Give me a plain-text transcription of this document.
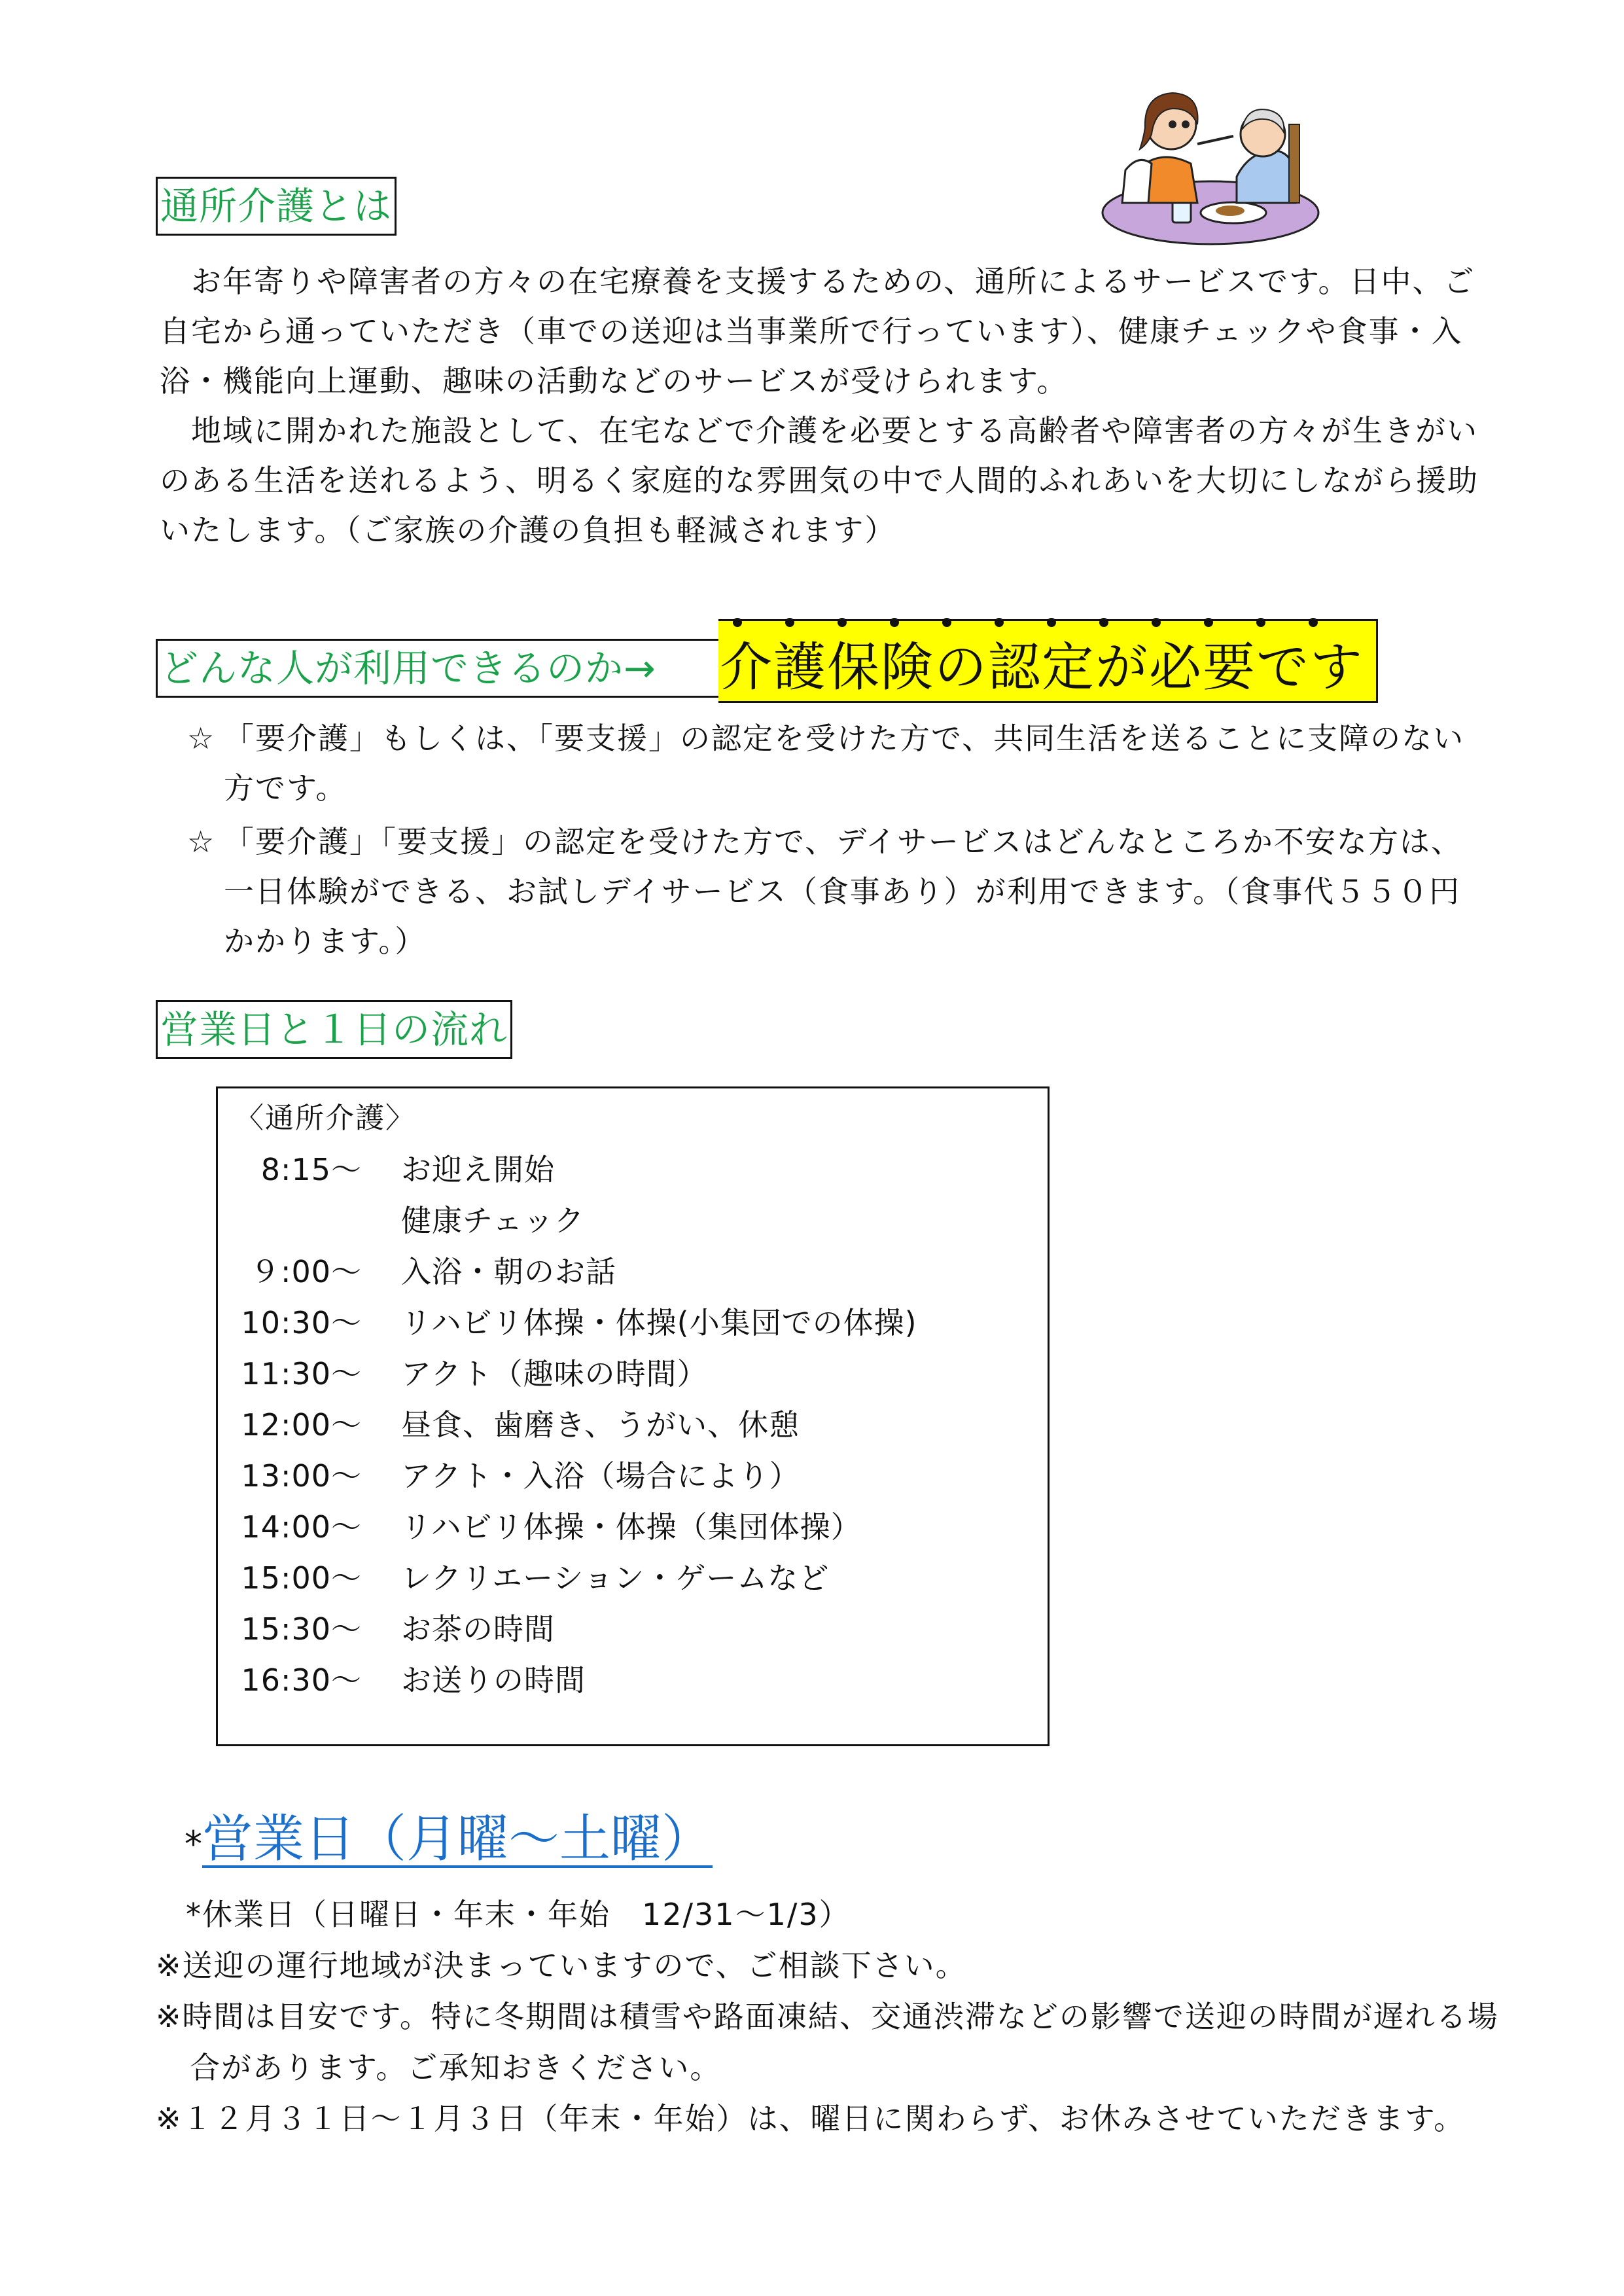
通所介護とは

お年寄りや障害者の方々の在宅療養を支援するための、通所によるサービスです。日中、ご自宅から通っていただき（車での送迎は当事業所で行っています）、健康チェックや食事・入浴・機能向上運動、趣味の活動などのサービスが受けられます。

地域に開かれた施設として、在宅などで介護を必要とする高齢者や障害者の方々が生きがいのある生活を送れるよう、明るく家庭的な雰囲気の中で人間的ふれあいを大切にしながら援助いたします。（ご家族の介護の負担も軽減されます）

どんな人が利用できるのか→	介護保険の認定が必要です
☆ 「要介護」もしくは、「要支援」の認定を受けた方で、共同生活を送ることに支障のない方です。
☆ 「要介護」「要支援」の認定を受けた方で、デイサービスはどんなところか不安な方は、一日体験ができる、お試しデイサービス（食事あり）が利用できます。（食事代５５０円かかります。）
営業日と１日の流れ
〈通所介護〉
8:15～ お迎え開始
健康チェック
９:00～ 入浴・朝のお話
10:30～ リハビリ体操・体操(小集団での体操)
11:30～ アクト（趣味の時間）
12:00～ 昼食、歯磨き、うがい、休憩
13:00～ アクト・入浴（場合により）
14:00～ リハビリ体操・体操（集団体操）
15:00～ レクリエーション・ゲームなど
15:30～ お茶の時間
16:30～ お送りの時間
*営業日（月曜～土曜）

*休業日（日曜日・年末・年始　12/31～1/3）

※送迎の運行地域が決まっていますので、ご相談下さい。

※時間は目安です。特に冬期間は積雪や路面凍結、交通渋滞などの影響で送迎の時間が遅れる場合があります。ご承知おきください。

※１２月３１日～１月３日（年末・年始）は、曜日に関わらず、お休みさせていただきます。
